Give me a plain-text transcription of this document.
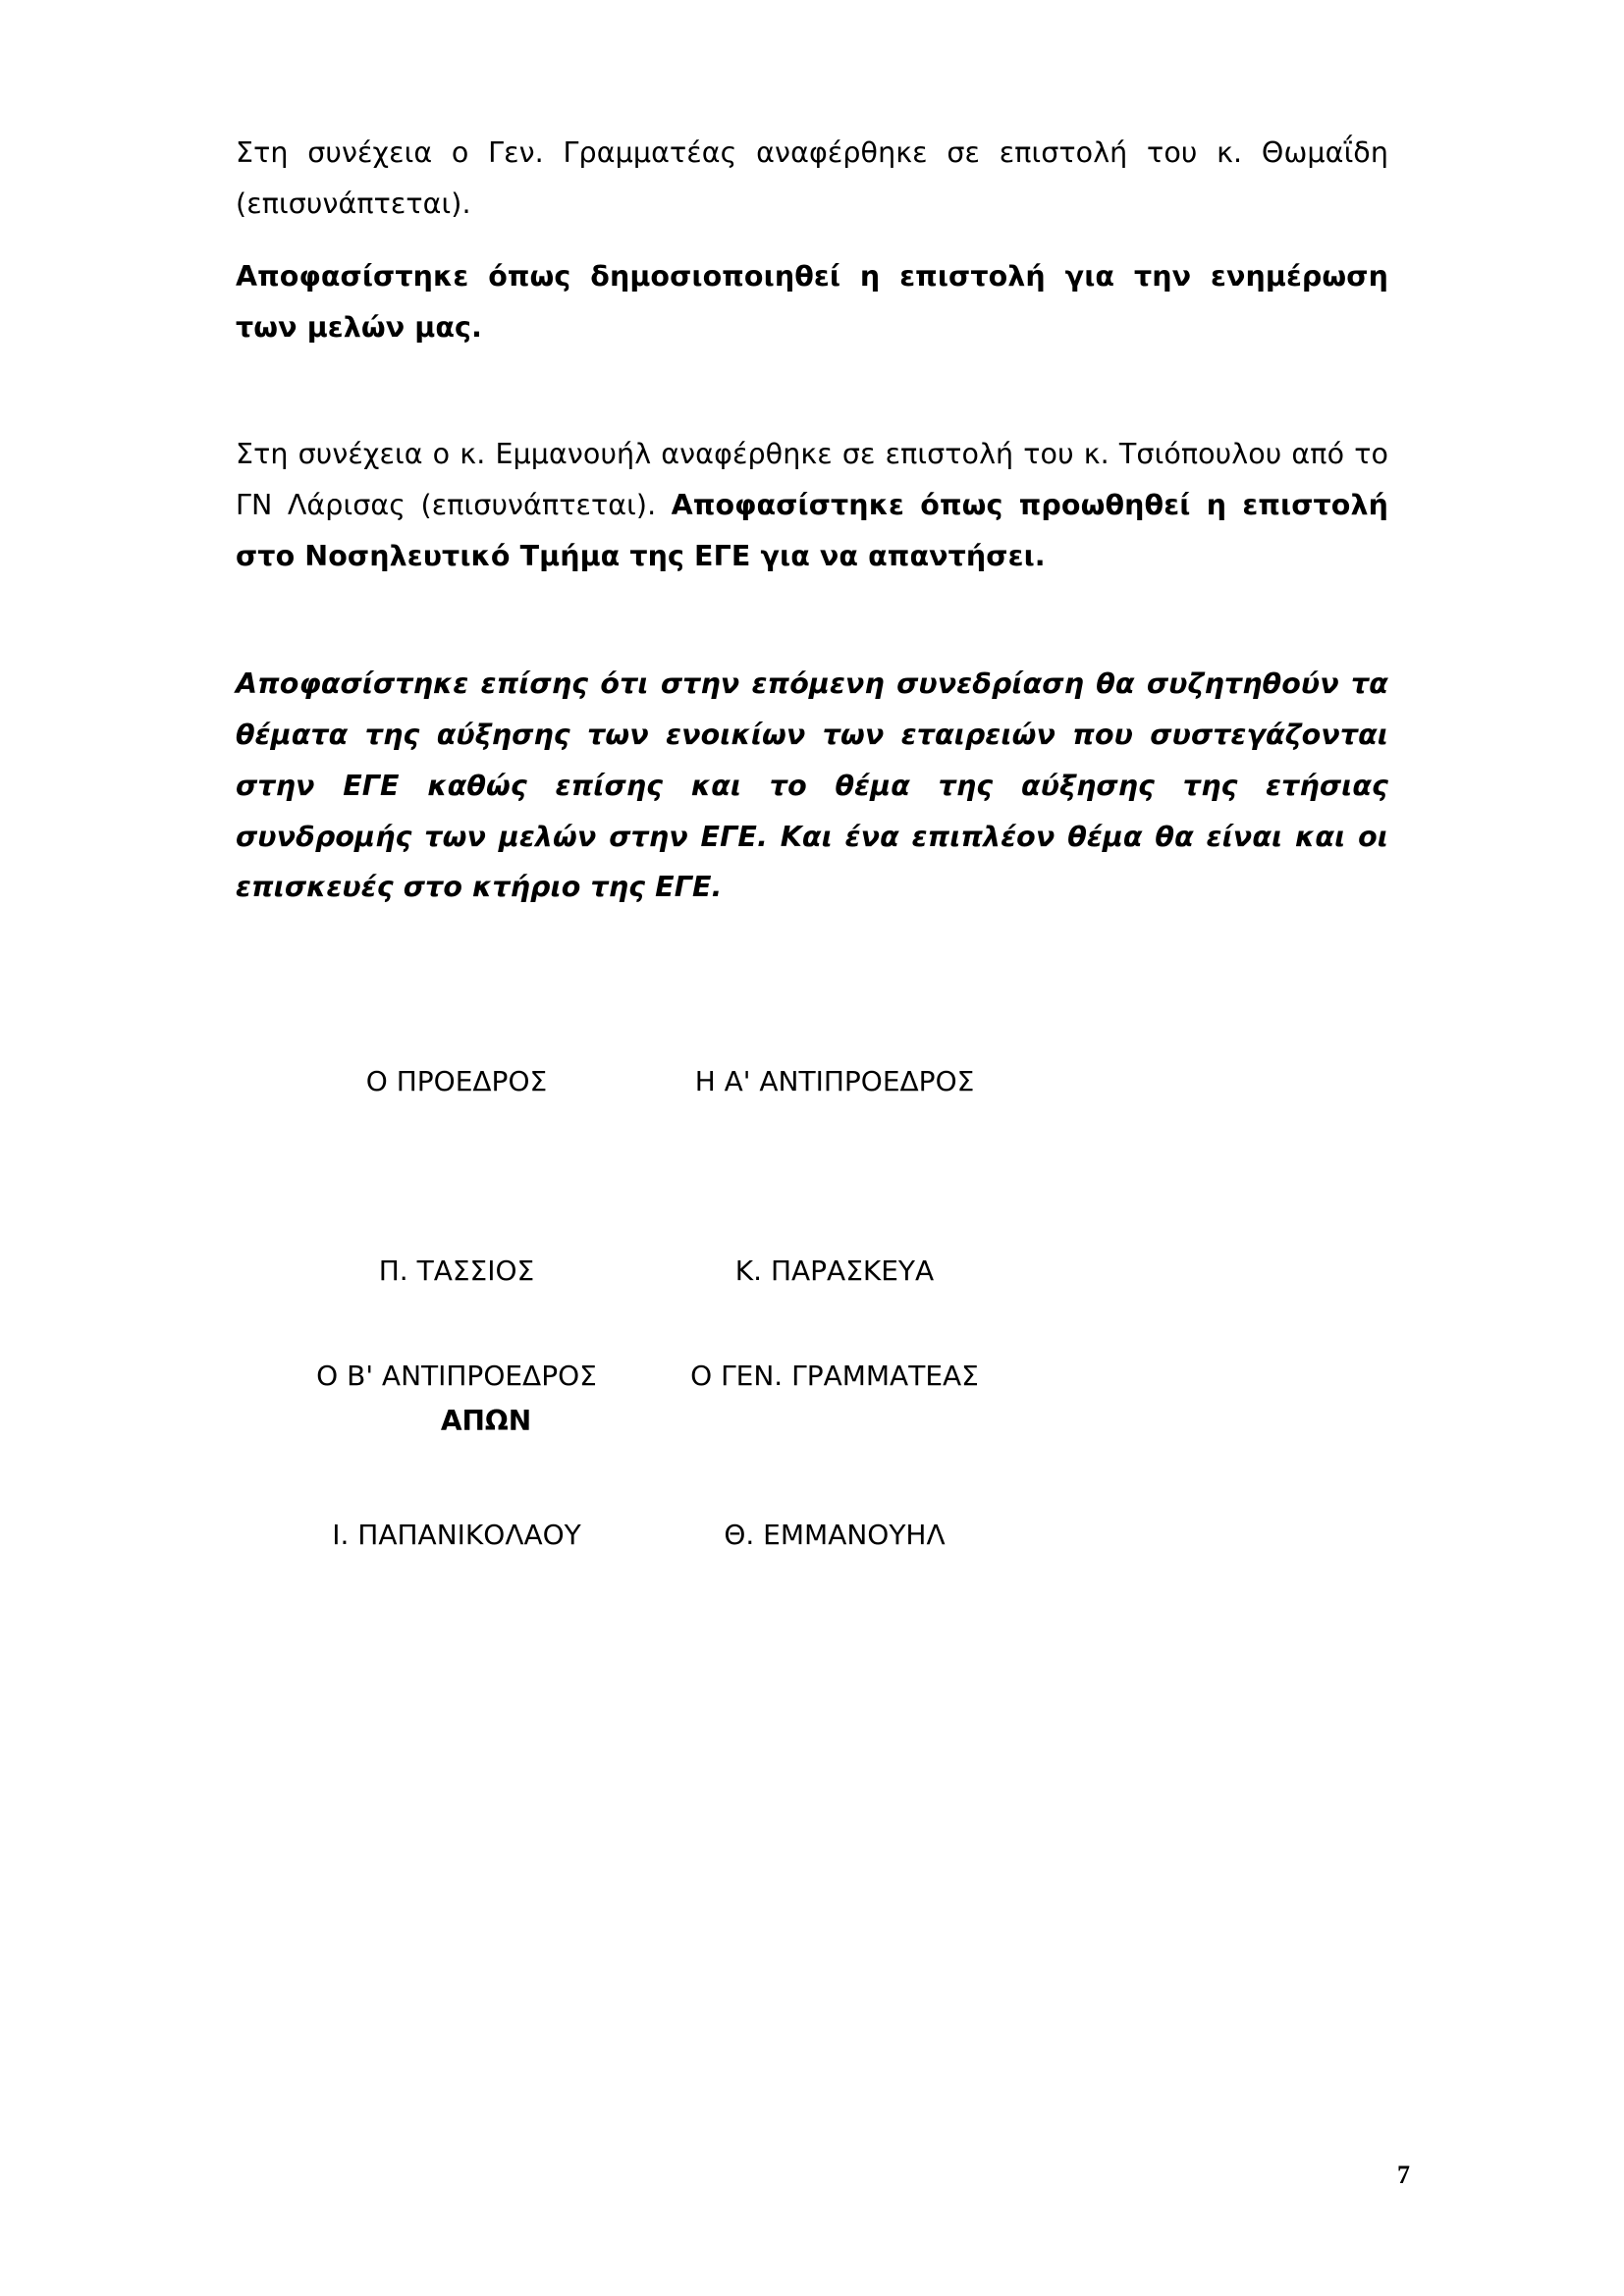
Στη συνέχεια ο Γεν. Γραμματέας αναφέρθηκε σε επιστολή του κ. Θωμαΐδη (επισυνάπτεται).

Αποφασίστηκε όπως δημοσιοποιηθεί η επιστολή για την ενημέρωση των μελών μας.

Στη συνέχεια ο κ. Εμμανουήλ αναφέρθηκε σε επιστολή του κ. Τσιόπουλου από το ΓΝ Λάρισας (επισυνάπτεται). Αποφασίστηκε όπως προωθηθεί η επιστολή στο Νοσηλευτικό Τμήμα της ΕΓΕ για να απαντήσει.

Αποφασίστηκε επίσης ότι στην επόμενη συνεδρίαση θα συζητηθούν τα θέματα της αύξησης των ενοικίων των εταιρειών που συστεγάζονται στην ΕΓΕ καθώς επίσης και το θέμα της αύξησης της ετήσιας συνδρομής των μελών στην ΕΓΕ. Και ένα επιπλέον θέμα θα είναι και οι επισκευές στο κτήριο της ΕΓΕ.

Ο ΠΡΟΕΔΡΟΣ	Η Α' ΑΝΤΙΠΡΟΕΔΡΟΣ
Π. ΤΑΣΣΙΟΣ	Κ. ΠΑΡΑΣΚΕΥΑ
Ο Β' ΑΝΤΙΠΡΟΕΔΡΟΣ	Ο ΓΕΝ. ΓΡΑΜΜΑΤΕΑΣ
ΑΠΩΝ
Ι. ΠΑΠΑΝΙΚΟΛΑΟΥ	Θ. ΕΜΜΑΝΟΥΗΛ
7
